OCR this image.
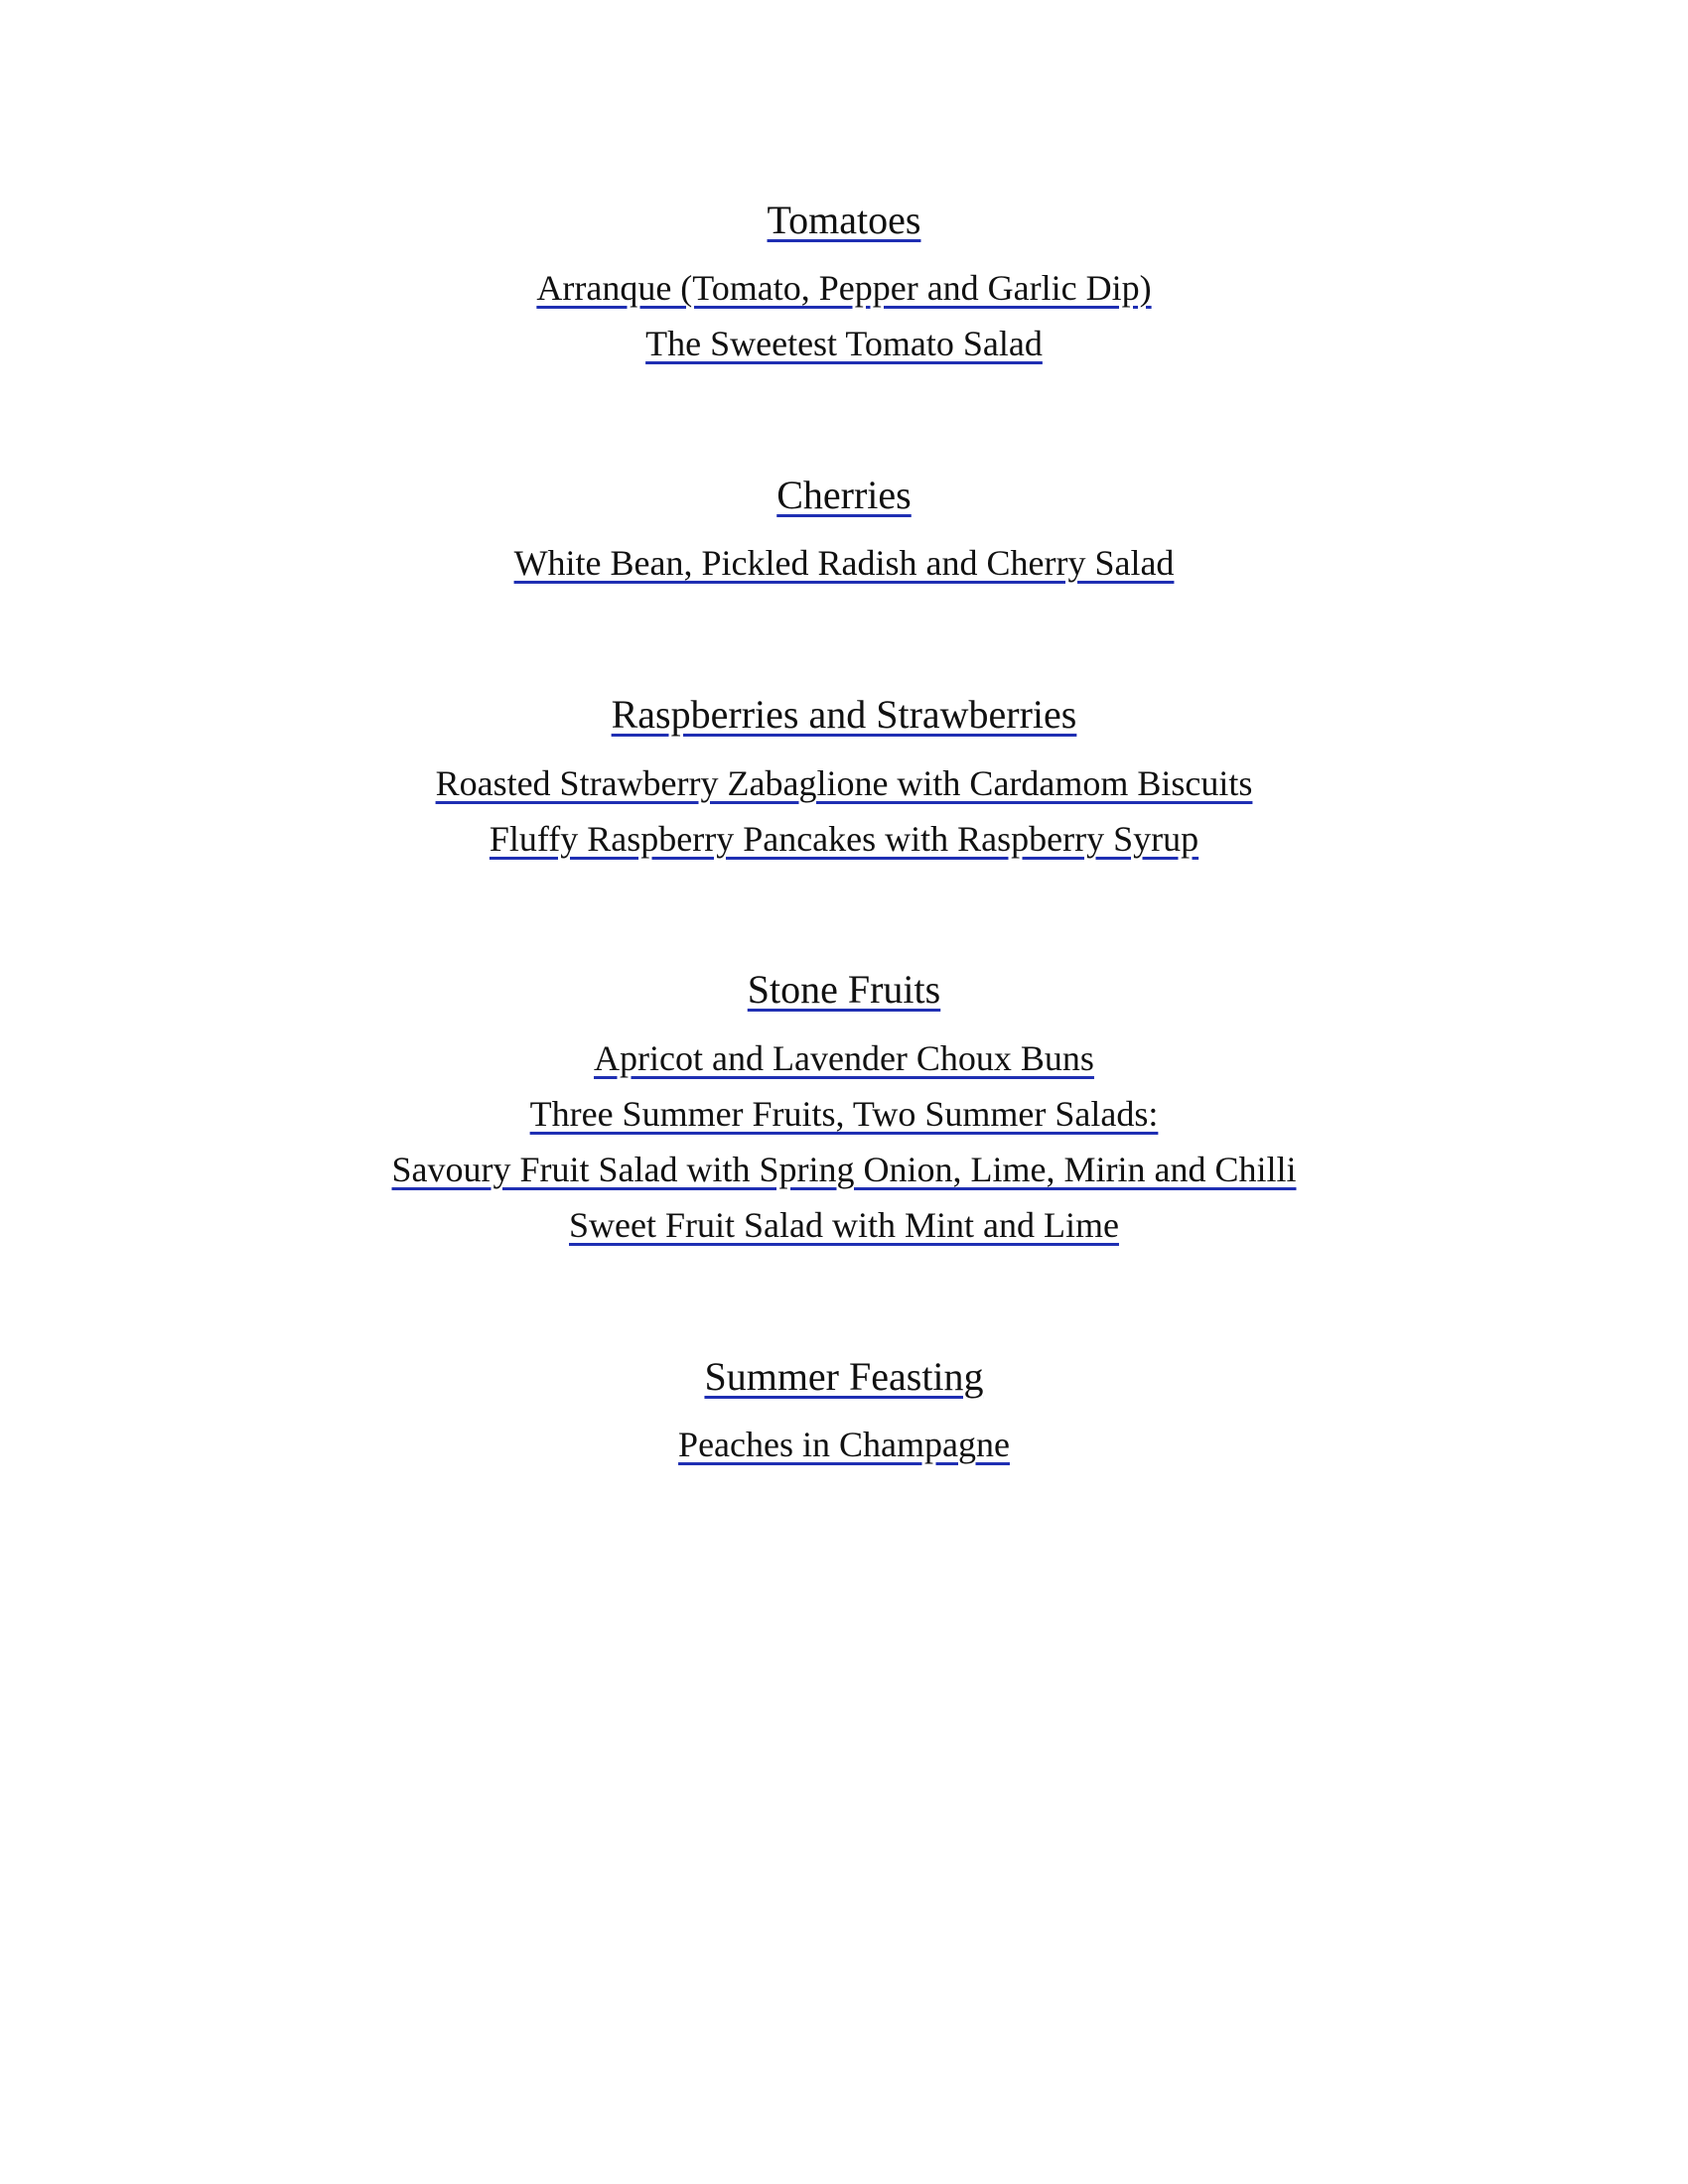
Tomatoes
Arranque (Tomato, Pepper and Garlic Dip)
The Sweetest Tomato Salad
Cherries
White Bean, Pickled Radish and Cherry Salad
Raspberries and Strawberries
Roasted Strawberry Zabaglione with Cardamom Biscuits
Fluffy Raspberry Pancakes with Raspberry Syrup
Stone Fruits
Apricot and Lavender Choux Buns
Three Summer Fruits, Two Summer Salads:
Savoury Fruit Salad with Spring Onion, Lime, Mirin and Chilli
Sweet Fruit Salad with Mint and Lime
Summer Feasting
Peaches in Champagne
